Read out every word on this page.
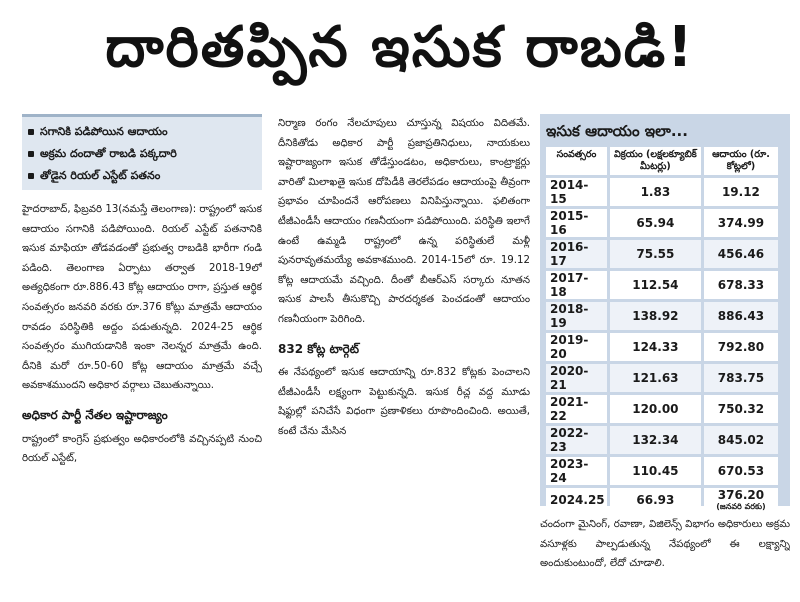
దారితప్పిన ఇసుక రాబడి!
సగానికి పడిపోయిన ఆదాయం
అక్రమ దందాతో రాబడి పక్కదారి
తోడైన రియల్ ఎస్టేట్ పతనం

హైదరాబాద్, ఫిబ్రవరి 13(నమస్తే తెలంగాణ): రాష్ట్రంలో ఇసుక ఆదాయం సగానికి పడిపోయింది. రియల్ ఎస్టేట్ పతనానికి ఇసుక మాఫియా తోడవడంతో ప్రభుత్వ రాబడికి భారీగా గండి పడింది. తెలంగాణ ఏర్పాటు తర్వాత 2018-19లో అత్యధికంగా రూ.886.43 కోట్ల ఆదాయం రాగా, ప్రస్తుత ఆర్థిక సంవత్సరం జనవరి వరకు రూ.376 కోట్లు మాత్రమే ఆదాయం రావడం పరిస్థితికి అద్దం పడుతున్నది. 2024-25 ఆర్థిక సంవత్సరం ముగియడానికి ఇంకా నెలన్నర మాత్రమే ఉంది. దీనికి మరో రూ.50-60 కోట్ల ఆదాయం మాత్రమే వచ్చే అవకాశముందని అధికార వర్గాలు చెబుతున్నాయి.

అధికార పార్టీ నేతల ఇష్టారాజ్యం

రాష్ట్రంలో కాంగ్రెస్ ప్రభుత్వం అధికారంలోకి వచ్చినప్పటి నుంచి రియల్ ఎస్టేట్,

నిర్మాణ రంగం నేలచూపులు చూస్తున్న విషయం విదితమే. దీనికితోడు అధికార పార్టీ ప్రజాప్రతినిధులు, నాయకులు ఇష్టారాజ్యంగా ఇసుక తోడేస్తుండటం, అధికారులు, కాంట్రాక్టర్లు వారితో మిలాఖతై ఇసుక దోపిడీకి తెరలేపడం ఆదాయంపై తీవ్రంగా ప్రభావం చూపిందనే ఆరోపణలు వినిపిస్తున్నాయి. ఫలితంగా టీజీఎండీసీ ఆదాయం గణనీయంగా పడిపోయింది. పరిస్థితి ఇలాగే ఉంటే ఉమ్మడి రాష్ట్రంలో ఉన్న పరిస్థితులే మళ్లీ పునరావృతమయ్యే అవకాశముంది. 2014-15లో రూ. 19.12 కోట్ల ఆదాయమే వచ్చింది. దీంతో బీఆర్ఎస్ సర్కారు నూతన ఇసుక పాలసీ తీసుకొచ్చి పారదర్శకత పెంచడంతో ఆదాయం గణనీయంగా పెరిగింది.

832 కోట్ల టార్గెట్

ఈ నేపథ్యంలో ఇసుక ఆదాయాన్ని రూ.832 కోట్లకు పెంచాలని టీజీఎండీసీ లక్ష్యంగా పెట్టుకున్నది. ఇసుక రీచ్ల వద్ద మూడు షిఫ్టుల్లో పనిచేసే విధంగా ప్రణాళికలు రూపొందించింది. అయితే, కంటే చేను మేసిన

ఇసుక ఆదాయం ఇలా...
సంవత్సరం	విక్రయం (లక్షలక్యూబిక్ మీటర్లు)	ఆదాయం (రూ. కోట్లలో)
2014-15	1.83	19.12
2015-16	65.94	374.99
2016-17	75.55	456.46
2017-18	112.54	678.33
2018-19	138.92	886.43
2019-20	124.33	792.80
2020-21	121.63	783.75
2021-22	120.00	750.32
2022-23	132.34	845.02
2023-24	110.45	670.53
2024.25	66.93	376.20
(జనవరి వరకు)

చందంగా మైనింగ్, రవాణా, విజిలెన్స్ విభాగం అధికారులు అక్రమ వసూళ్లకు పాల్పడుతున్న నేపథ్యంలో ఈ లక్ష్యాన్ని అందుకుంటుందో, లేదో చూడాలి.
